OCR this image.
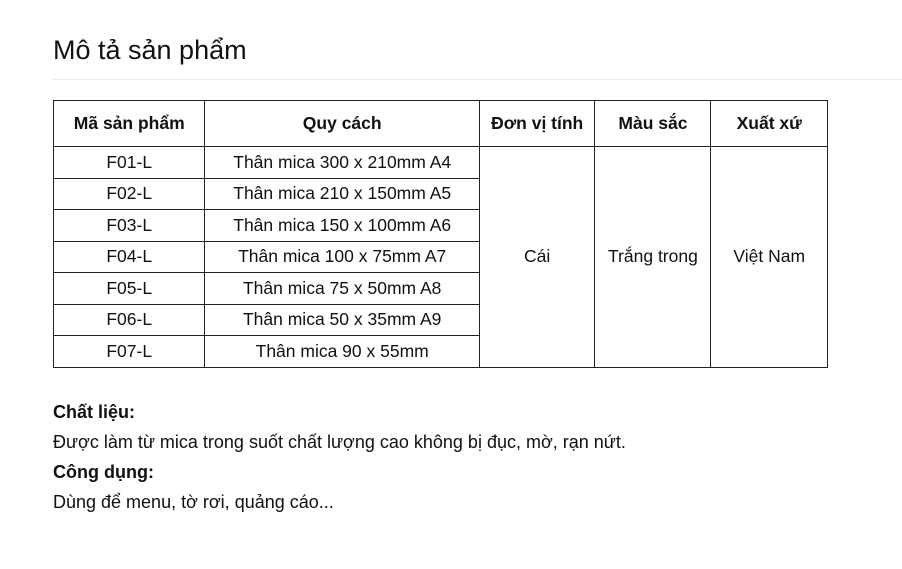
Mô tả sản phẩm
Mã sản phẩm	Quy cách	Đơn vị tính	Màu sắc	Xuất xứ
F01-L	Thân mica 300 x 210mm A4	Cái	Trắng trong	Việt Nam
F02-L	Thân mica 210 x 150mm A5			
F03-L	Thân mica 150 x 100mm A6			
F04-L	Thân mica 100 x 75mm A7			
F05-L	Thân mica 75 x 50mm A8			
F06-L	Thân mica 50 x 35mm A9			
F07-L	Thân mica 90 x 55mm			
Chất liệu:
Được làm từ mica trong suốt chất lượng cao không bị đục, mờ, rạn nứt.
Công dụng:
Dùng để menu, tờ rơi, quảng cáo...
